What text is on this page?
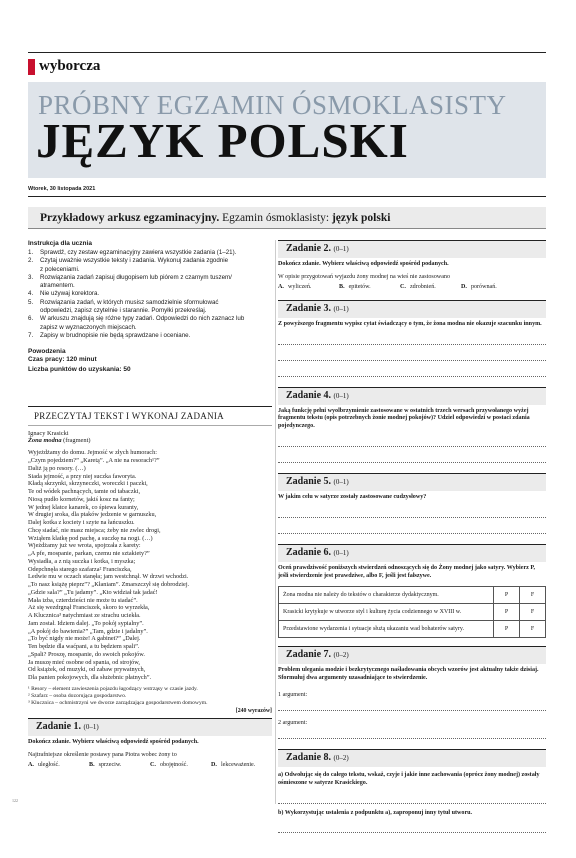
wyborcza
PRÓBNY EGZAMIN ÓSMOKLASISTY
JĘZYK POLSKI
Wtorek, 30 listopada 2021
Przykładowy arkusz egzaminacyjny. Egzamin ósmoklasisty: język polski
Instrukcja dla ucznia
1.	Sprawdź, czy zestaw egzaminacyjny zawiera wszystkie zadania (1–21).
2.	Czytaj uważnie wszystkie teksty i zadania. Wykonuj zadania zgodnie
z poleceniami.
3.	Rozwiązania zadań zapisuj długopisem lub piórem z czarnym tuszem/
atramentem.
4.	Nie używaj korektora.
5.	Rozwiązania zadań, w których musisz samodzielnie sformułować
odpowiedzi, zapisz czytelnie i starannie. Pomyłki przekreślaj.
6.	W arkuszu znajdują się różne typy zadań. Odpowiedzi do nich zaznacz lub
zapisz w wyznaczonych miejscach.
7.	Zapisy w brudnopisie nie będą sprawdzane i oceniane.
Powodzenia
Czas pracy: 120 minut
Liczba punktów do uzyskania: 50
PRZECZYTAJ TEKST I WYKONAJ ZADANIA
Ignacy Krasicki
Żona modna (fragment)
Wyjeżdżamy do domu. Jejmość w złych humorach:
„Czym pojedziem?” „Karetą”. „A nie na resorach¹?”
Daliż ją po resory. (…)
Siada jejmość, a przy niej suczka faworyta.
Kładą skrzynki, skrzyneczki, woreczki i paczki,
Te od wódek pachnących, tamte od tabaczki,
Niosą pudło kornetów, jakiś kosz na fanty;
W jednej klatce kanarek, co śpiewa kuranty,
W drugiej sroka, dla ptaków jedzenie w garnuszku,
Dalej kotka z kociety i szyte na łańcuszku.
Chcę siadać, nie masz miejsca; żeby nie zwlec drogi,
Wziąłem klatkę pod pachę, a suczkę na nogi. (…)
Wjeżdżamy już we wrota, spojrzała z karety:
„A pfe, mospanie, parkan, czemu nie sztakiety?”
Wysiadła, a z nią suczka i kotka, i myszka;
Odepchnęła starego szafarza² Franciszka,
Ledwie mu w oczach stanęła; jam westchnął. W drzwi wchodzi.
„To nasz książę pieprz”? „Kłaniam”. Zmarszczył się dobrodziej.
„Gdzie sala?” „Tu jadamy”. „Kto widział tak jadać!
Mała izba, czterdzieści nie może tu siadać”.
Aż się wezdrgnął Franciszek, skoro to wyrzekła,
A Klucznica³ natychmiast ze strachu uciekła.
Jam został. Idziem dalej. „To pokój sypialny”.
„A pokój do bawienia?” „Tam, gdzie i jadalny”.
„To być nigdy nie może! A gabinet?” „Dalej.
Ten będzie dla waćpani, a tu będziem spali”.
„Spali? Proszę, mospanie, do swoich pokojów.
Ja muszę mieć osobne od spania, od strojów,
Od książek, od muzyki, od zabaw prywatnych,
Dla panien pokojowych, dla służebnic płatnych”.
¹ Resory – element zawieszenia pojazdu łagodzący wstrząsy w czasie jazdy.
² Szafarz – osoba dozorująca gospodarstwo.
³ Klucznica – ochmistrzyni we dworze zarządzająca gospodarstwem domowym.
[240 wyrazów]
Zadanie 1. (0–1)
Dokończ zdanie. Wybierz właściwą odpowiedź spośród podanych.
Najtrafniejsze określenie postawy pana Piotra wobec żony to
A. uległość.	B. sprzeciw.	C. obojętność.	D. lekceważenie.
Zadanie 2. (0–1)
Dokończ zdanie. Wybierz właściwą odpowiedź spośród podanych.
W opisie przygotowań wyjazdu żony modnej na wieś nie zastosowano
A. wyliczeń.	B. epitetów.	C. zdrobnień.	D. porównań.
Zadanie 3. (0–1)
Z powyższego fragmentu wypisz cytat świadczący o tym, że żona modna nie okazuje szacunku innym.
Zadanie 4. (0–1)
Jaką funkcję pełni wyolbrzymienie zastosowane w ostatnich trzech wersach przywołanego wyżej fragmentu tekstu (opis potrzebnych żonie modnej pokojów)? Udziel odpowiedzi w postaci zdania pojedynczego.
Zadanie 5. (0–1)
W jakim celu w satyrze zostały zastosowane cudzysłowy?
Zadanie 6. (0–1)
Oceń prawdziwość poniższych stwierdzeń odnoszących się do Żony modnej jako satyry. Wybierz P, jeśli stwierdzenie jest prawdziwe, albo F, jeśli jest fałszywe.
Żona modna nie należy do tekstów o charakterze dydaktycznym.	P	F
Krasicki krytykuje w utworze styl i kulturę życia codziennego w XVIII w.	P	F
Przedstawione wydarzenia i sytuacje służą ukazaniu wad bohaterów satyry.	P	F
Zadanie 7. (0–2)
Problem ulegania modzie i bezkrytycznego naśladowania obcych wzorów jest aktualny także dzisiaj. Sformułuj dwa argumenty uzasadniające to stwierdzenie.
1 argument:
2 argument:
Zadanie 8. (0–2)
a) Odwołując się do całego tekstu, wskaż, czyje i jakie inne zachowania (oprócz żony modnej) zostały ośmieszone w satyrze Krasickiego.
b) Wykorzystując ustalenia z podpunktu a), zaproponuj inny tytuł utworu.
122
